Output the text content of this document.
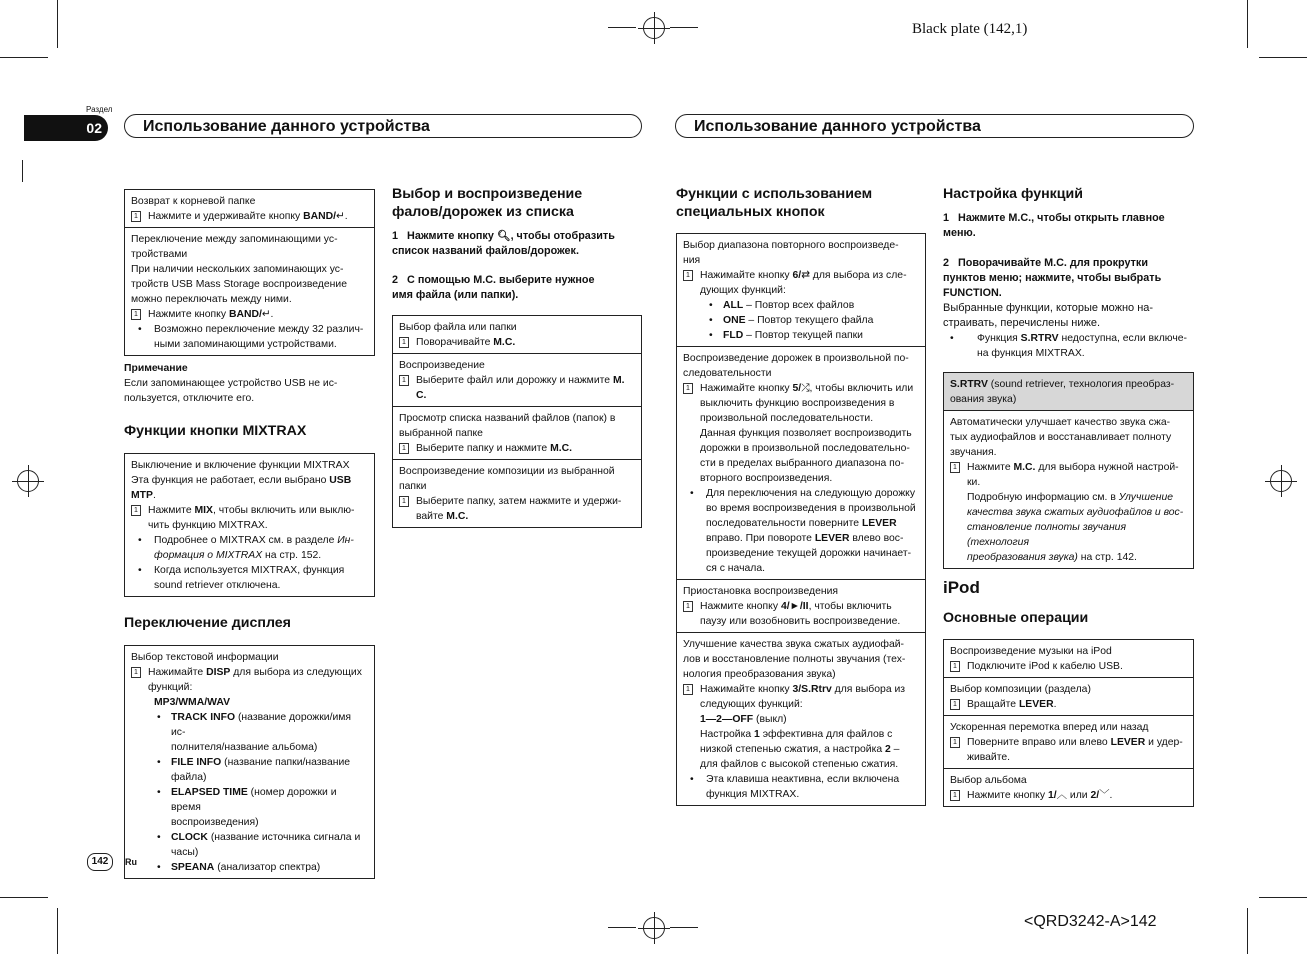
Black plate (142,1)
<QRD3242-A>142
Раздел
02	Использование данного устройства	Использование данного устройства
142	Ru
Возврат к корневой папке
1 Нажмите и удерживайте кнопку BAND/↵.
Переключение между запоминающими ус-
тройствами
При наличии нескольких запоминающих ус-
тройств USB Mass Storage воспроизведение
можно переключать между ними.
1 Нажмите кнопку BAND/↵.
• Возможно переключение между 32 различ-
ными запоминающими устройствами.
Примечание
Если запоминающее устройство USB не ис-
пользуется, отключите его.
Функции кнопки MIXTRAX
Выключение и включение функции MIXTRAX
Эта функция не работает, если выбрано USB
MTP.
1 Нажмите MIX, чтобы включить или выклю-
чить функцию MIXTRAX.
• Подробнее о MIXTRAX см. в разделе Ин-
формация о MIXTRAX на стр. 152.
• Когда используется MIXTRAX, функция
sound retriever отключена.
Переключение дисплея
Выбор текстовой информации
1 Нажимайте DISP для выбора из следующих
функций:
MP3/WMA/WAV
• TRACK INFO (название дорожки/имя ис-
полнителя/название альбома)
• FILE INFO (название папки/название
файла)
• ELAPSED TIME (номер дорожки и время
воспроизведения)
• CLOCK (название источника сигнала и
часы)
• SPEANA (анализатор спектра)
Выбор и воспроизведение
фалов/дорожек из списка
1 Нажмите кнопку 🔍︎, чтобы отобразить
список названий файлов/дорожек.
2 С помощью M.C. выберите нужное
имя файла (или папки).
Выбор файла или папки
1 Поворачивайте M.C.
Воспроизведение
1 Выберите файл или дорожку и нажмите M.
C.
Просмотр списка названий файлов (папок) в
выбранной папке
1 Выберите папку и нажмите M.C.
Воспроизведение композиции из выбранной
папки
1 Выберите папку, затем нажмите и удержи-
вайте M.C.
Функции с использованием
специальных кнопок
Выбор диапазона повторного воспроизведе-
ния
1 Нажимайте кнопку 6/⇄ для выбора из сле-
дующих функций:
• ALL – Повтор всех файлов
• ONE – Повтор текущего файла
• FLD – Повтор текущей папки
Воспроизведение дорожек в произвольной по-
следовательности
1 Нажимайте кнопку 5/⤮, чтобы включить или
выключить функцию воспроизведения в
произвольной последовательности.
Данная функция позволяет воспроизводить
дорожки в произвольной последовательно-
сти в пределах выбранного диапазона по-
вторного воспроизведения.
• Для переключения на следующую дорожку
во время воспроизведения в произвольной
последовательности поверните LEVER
вправо. При повороте LEVER влево вос-
произведение текущей дорожки начинает-
ся с начала.
Приостановка воспроизведения
1 Нажмите кнопку 4/►/II, чтобы включить
паузу или возобновить воспроизведение.
Улучшение качества звука сжатых аудиофай-
лов и восстановление полноты звучания (тех-
нология преобразования звука)
1 Нажимайте кнопку 3/S.Rtrv для выбора из
следующих функций:
1—2—OFF (выкл)
Настройка 1 эффективна для файлов с
низкой степенью сжатия, а настройка 2 –
для файлов с высокой степенью сжатия.
• Эта клавиша неактивна, если включена
функция MIXTRAX.
Настройка функций
1 Нажмите M.C., чтобы открыть главное
меню.
2 Поворачивайте M.C. для прокрутки
пунктов меню; нажмите, чтобы выбрать
FUNCTION.
Выбранные функции, которые можно на-
страивать, перечислены ниже.
• Функция S.RTRV недоступна, если включе-
на функция MIXTRAX.
S.RTRV (sound retriever, технология преобраз-
ования звука)
Автоматически улучшает качество звука сжа-
тых аудиофайлов и восстанавливает полноту
звучания.
1 Нажмите M.C. для выбора нужной настрой-
ки.
Подробную информацию см. в Улучшение
качества звука сжатых аудиофайлов и вос-
становление полноты звучания (технология
преобразования звука) на стр. 142.
iPod
Основные операции
Воспроизведение музыки на iPod
1 Подключите iPod к кабелю USB.
Выбор композиции (раздела)
1 Вращайте LEVER.
Ускоренная перемотка вперед или назад
1 Поверните вправо или влево LEVER и удер-
живайте.
Выбор альбома
1 Нажмите кнопку 1/︿ или 2/﹀.
